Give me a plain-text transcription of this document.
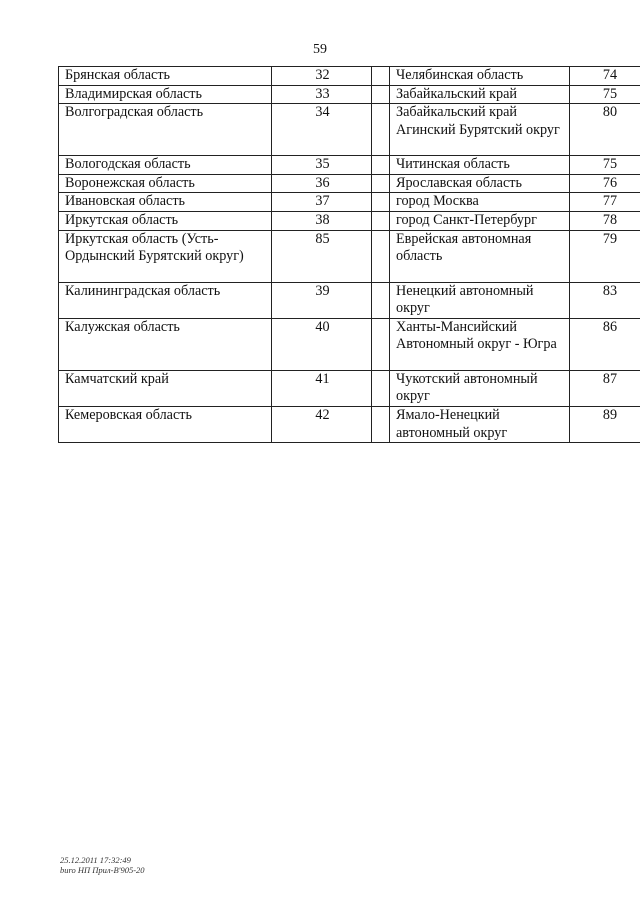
59
Брянская область	32		Челябинская область	74
Владимирская область	33		Забайкальский край	75
Волгоградская область	34		Забайкальский край Агинский Бурятский округ	80
Вологодская область	35		Читинская область	75
Воронежская область	36		Ярославская область	76
Ивановская область	37		город Москва	77
Иркутская область	38		город Санкт-Петербург	78
Иркутская область (Усть-Ордынский Бурятский округ)	85		Еврейская автономная область	79
Калининградская область	39		Ненецкий автономный округ	83
Калужская область	40		Ханты-Мансийский Автономный округ - Югра	86
Камчатский край	41		Чукотский автономный округ	87
Кемеровская область	42		Ямало-Ненецкий автономный округ	89
25.12.2011 17:32:49
buro НП Прил-В'905-20
